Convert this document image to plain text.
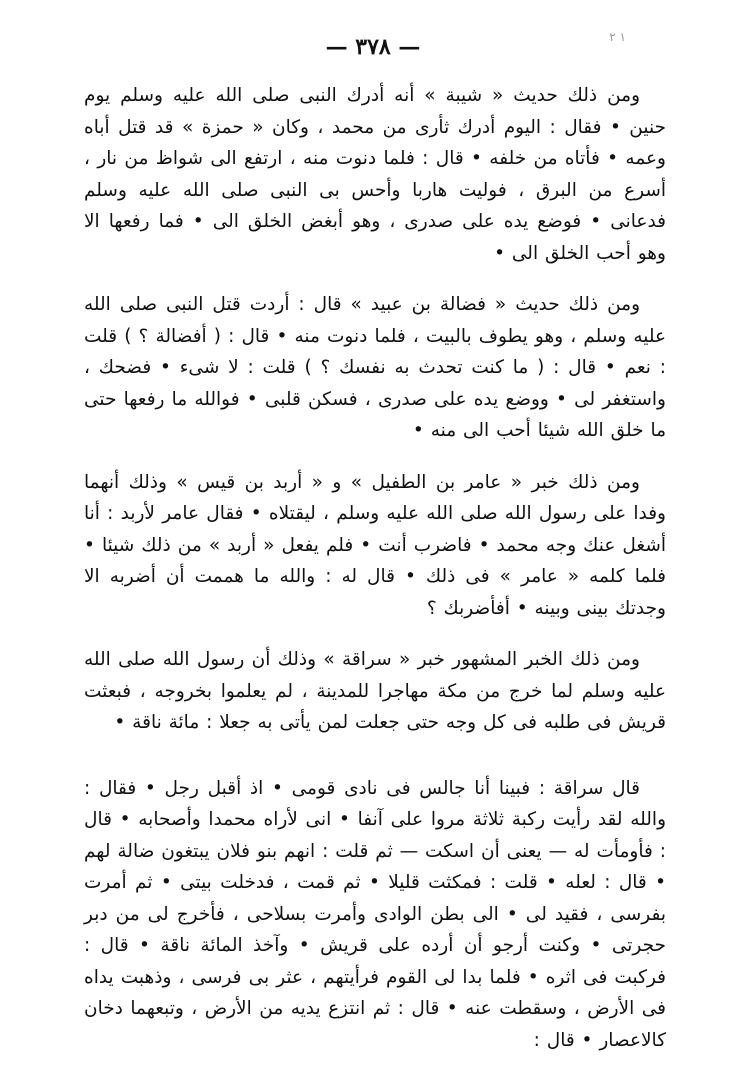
۱ ۲
— ٣٧٨ —

ومن ذلك حديث « شيبة » أنه أدرك النبى صلى الله عليه وسلم يوم حنين • فقال : اليوم أدرك ثأرى من محمد ، وكان « حمزة » قد قتل أباه وعمه • فأتاه من خلفه • قال : فلما دنوت منه ، ارتفع الى شواظ من نار ، أسرع من البرق ، فوليت هاربا وأحس بى النبى صلى الله عليه وسلم فدعانى • فوضع يده على صدرى ، وهو أبغض الخلق الى • فما رفعها الا وهو أحب الخلق الى •

ومن ذلك حديث « فضالة بن عبيد » قال : أردت قتل النبى صلى الله عليه وسلم ، وهو يطوف بالبيت ، فلما دنوت منه • قال : ( أفضالة ؟ ) قلت : نعم • قال : ( ما كنت تحدث به نفسك ؟ ) قلت : لا شىء • فضحك ، واستغفر لى • ووضع يده على صدرى ، فسكن قلبى • فوالله ما رفعها حتى ما خلق الله شيئا أحب الى منه •

ومن ذلك خبر « عامر بن الطفيل » و « أربد بن قيس » وذلك أنهما وفدا على رسول الله صلى الله عليه وسلم ، ليقتلاه • فقال عامر لأربد : أنا أشغل عنك وجه محمد • فاضرب أنت • فلم يفعل « أربد » من ذلك شيئا • فلما كلمه « عامر » فى ذلك • قال له : والله ما هممت أن أضربه الا وجدتك بينى وبينه • أفأضربك ؟

ومن ذلك الخبر المشهور خبر « سراقة » وذلك أن رسول الله صلى الله عليه وسلم لما خرج من مكة مهاجرا للمدينة ، لم يعلموا بخروجه ، فبعثت قريش فى طلبه فى كل وجه حتى جعلت لمن يأتى به جعلا : مائة ناقة •

قال سراقة : فبينا أنا جالس فى نادى قومى • اذ أقبل رجل • فقال : والله لقد رأيت ركبة ثلاثة مروا على آنفا • انى لأراه محمدا وأصحابه • قال : فأومأت له — يعنى أن اسكت — ثم قلت : انهم بنو فلان يبتغون ضالة لهم • قال : لعله • قلت : فمكثت قليلا • ثم قمت ، فدخلت بيتى • ثم أمرت بفرسى ، فقيد لى • الى بطن الوادى وأمرت بسلاحى ، فأخرج لى من دبر حجرتى • وكنت أرجو أن أرده على قريش • وآخذ المائة ناقة • قال : فركبت فى اثره • فلما بدا لى القوم فرأيتهم ، عثر بى فرسى ، وذهبت يداه فى الأرض ، وسقطت عنه • قال : ثم انتزع يديه من الأرض ، وتبعهما دخان كالاعصار • قال :
